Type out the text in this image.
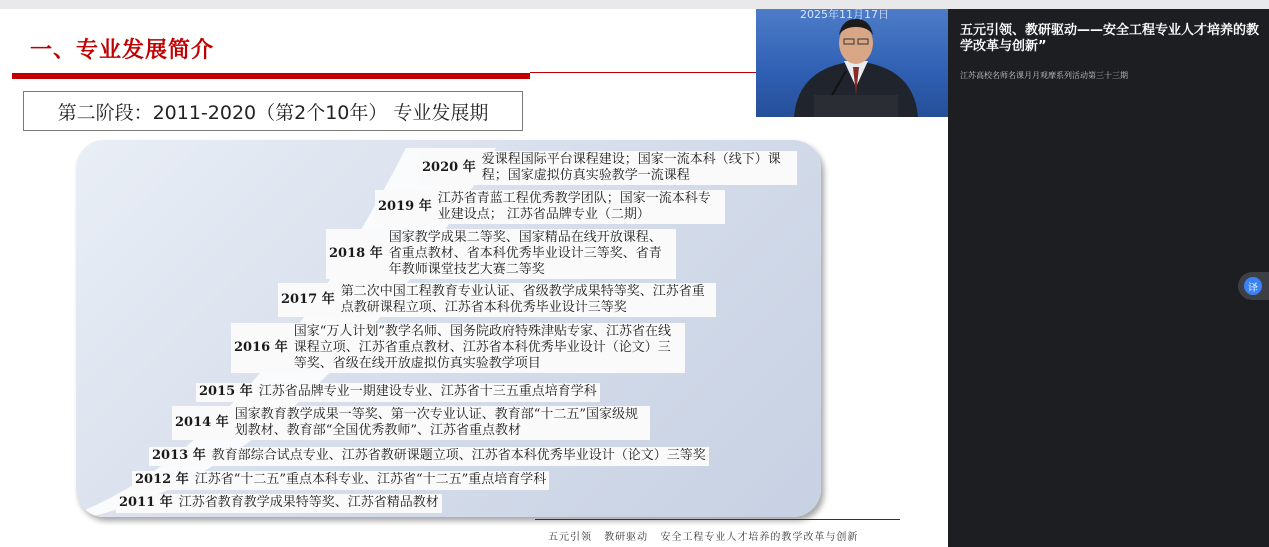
一、专业发展简介
第二阶段：2011-2020（第2个10年） 专业发展期
2020 年爱课程国际平台课程建设；国家一流本科（线下）课程；国家虚拟仿真实验教学一流课程
2019 年江苏省青蓝工程优秀教学团队；国家一流本科专业建设点； 江苏省品牌专业（二期）
2018 年国家教学成果二等奖、国家精品在线开放课程、省重点教材、省本科优秀毕业设计三等奖、省青年教师课堂技艺大赛二等奖
2017 年第二次中国工程教育专业认证、省级教学成果特等奖、江苏省重点教研课程立项、江苏省本科优秀毕业设计三等奖
2016 年国家“万人计划”教学名师、国务院政府特殊津贴专家、江苏省在线课程立项、江苏省重点教材、江苏省本科优秀毕业设计（论文）三等奖、省级在线开放虚拟仿真实验教学项目
2015 年 江苏省品牌专业一期建设专业、江苏省十三五重点培育学科
2014 年国家教育教学成果一等奖、第一次专业认证、教育部“十二五”国家级规划教材、教育部“全国优秀教师”、江苏省重点教材
2013 年 教育部综合试点专业、江苏省教研课题立项、江苏省本科优秀毕业设计（论文）三等奖
2012 年 江苏省“十二五”重点本科专业、江苏省“十二五”重点培育学科
2011 年 江苏省教育教学成果特等奖、江苏省精品教材
五元引领 教研驱动 安全工程专业人才培养的教学改革与创新
2025年11月17日
五元引领、教研驱动——安全工程专业人才培养的教学改革与创新”
江苏高校名师名课月月观摩系列活动第三十三期
译
